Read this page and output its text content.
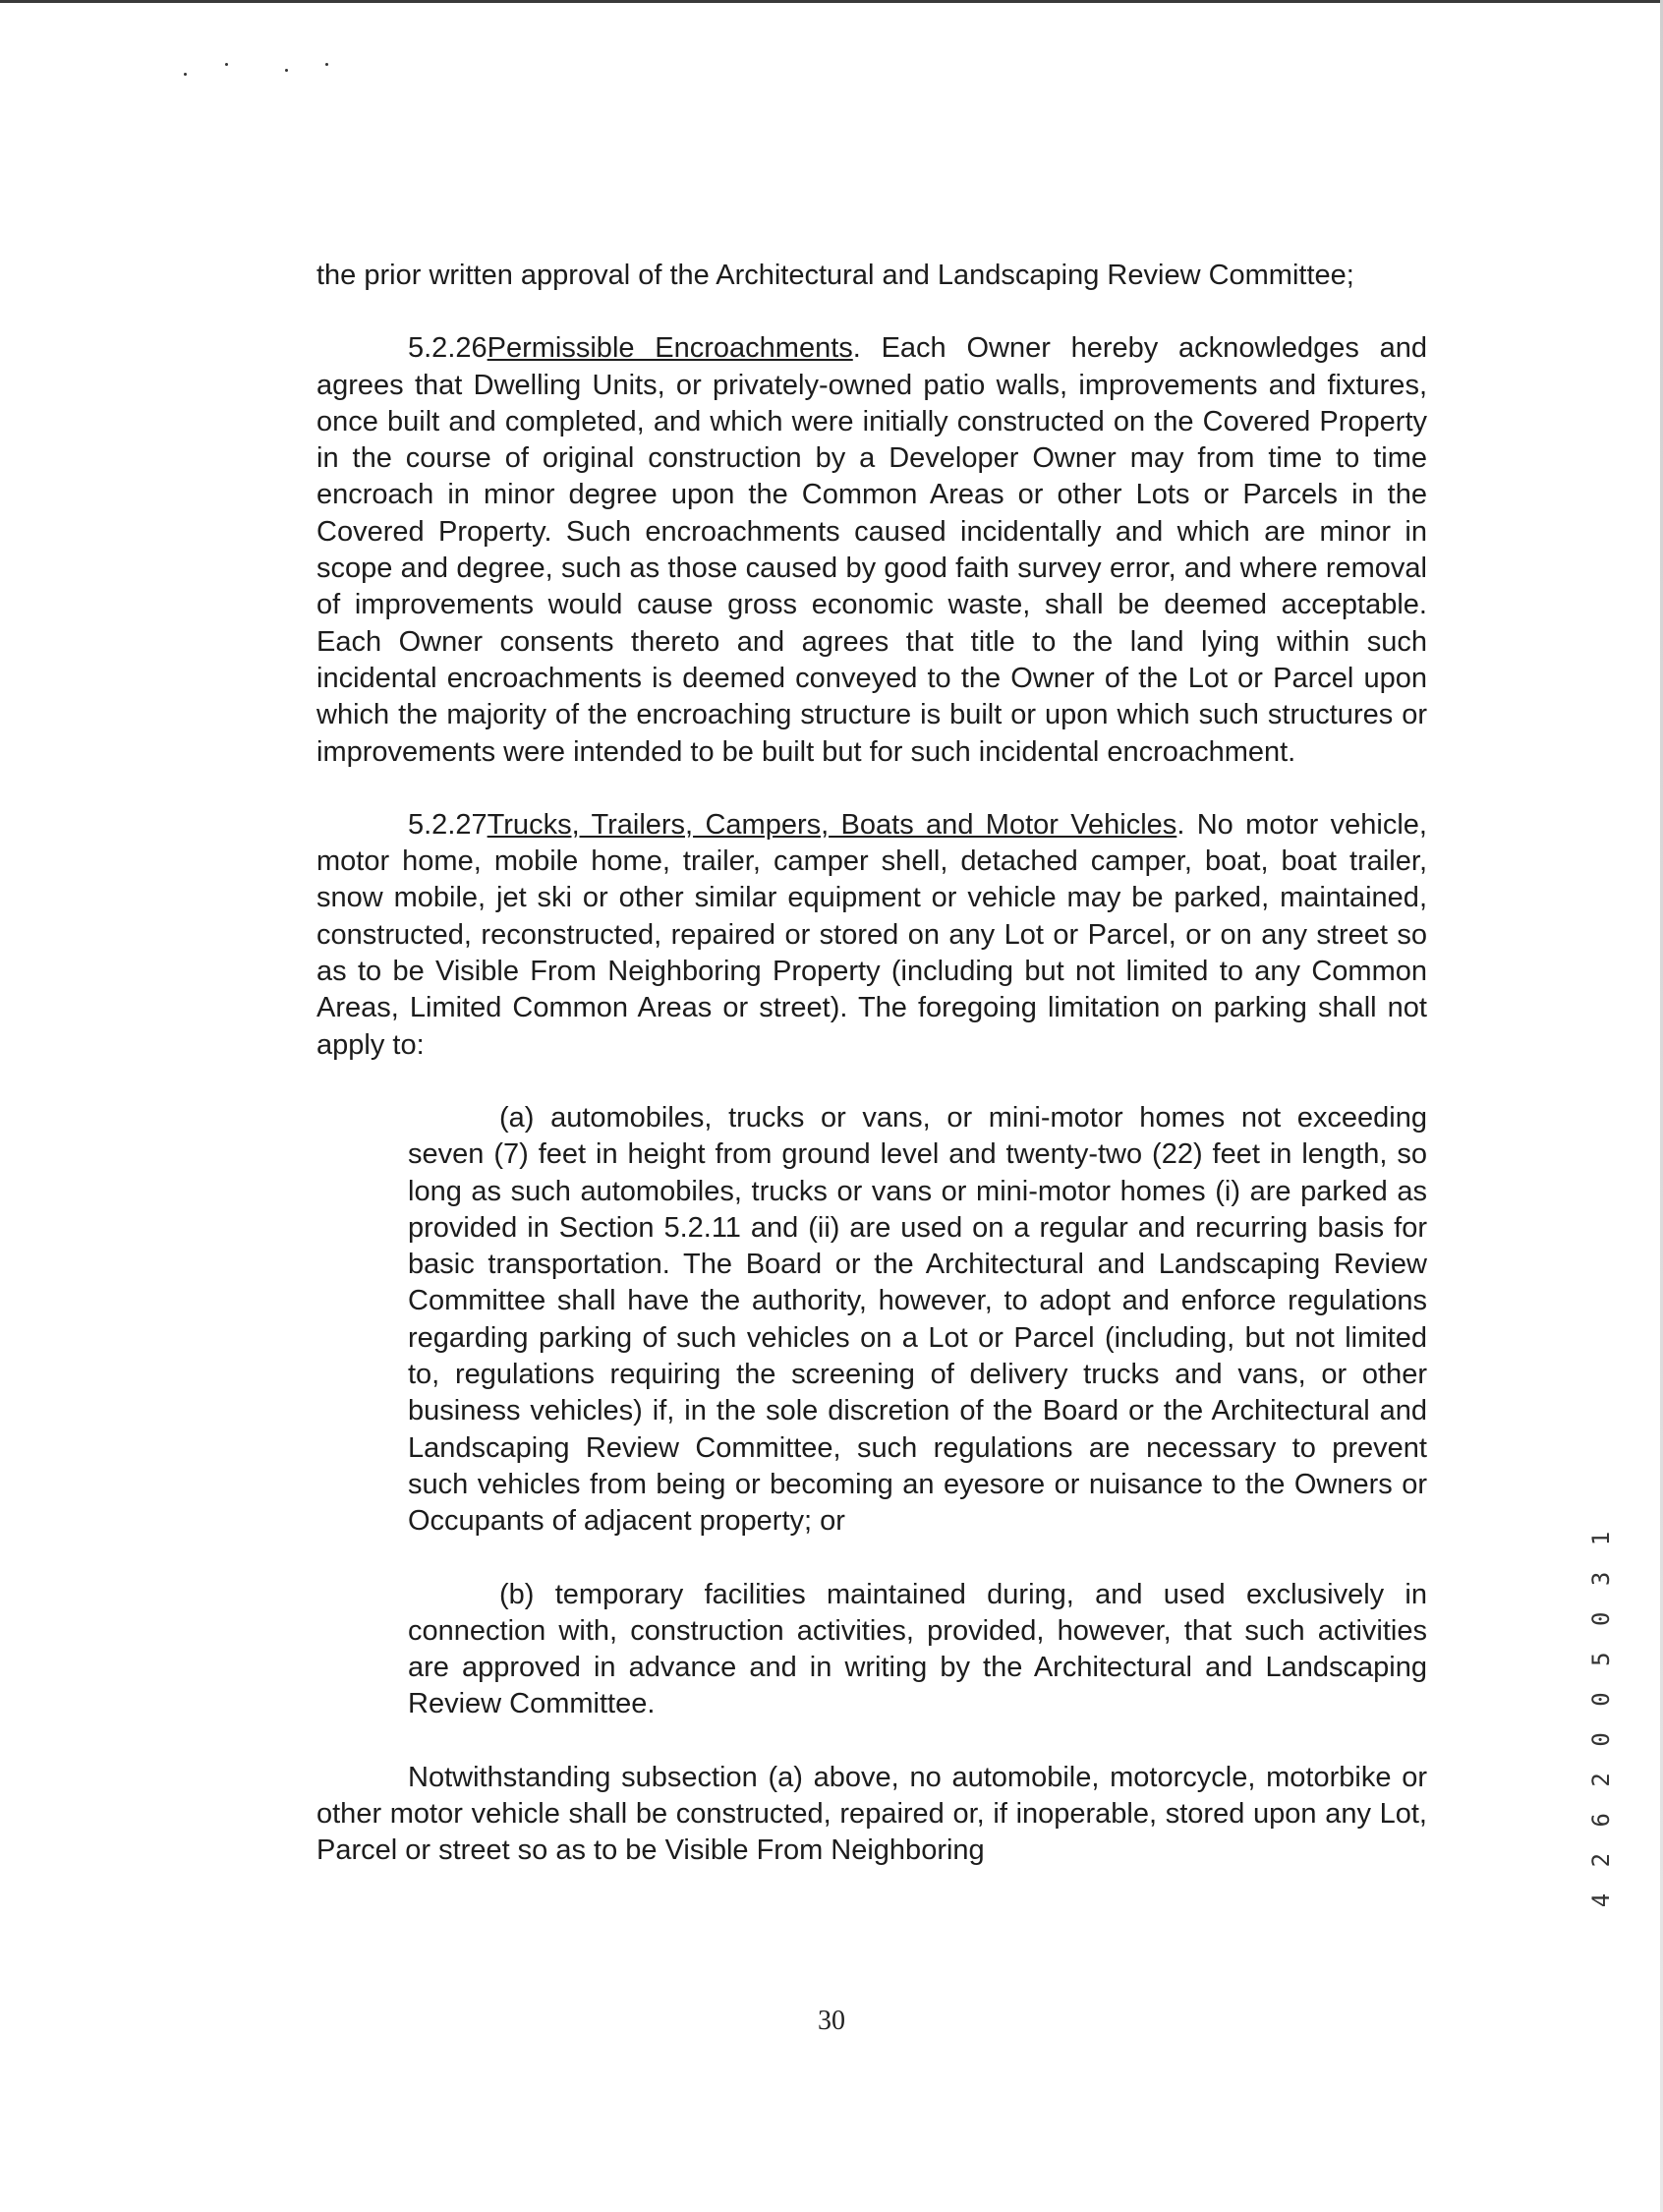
the prior written approval of the Architectural and Landscaping Review Committee;

5.2.26Permissible Encroachments. Each Owner hereby acknowledges and agrees that Dwelling Units, or privately-owned patio walls, improvements and fixtures, once built and completed, and which were initially constructed on the Covered Property in the course of original construction by a Developer Owner may from time to time encroach in minor degree upon the Common Areas or other Lots or Parcels in the Covered Property. Such encroachments caused incidentally and which are minor in scope and degree, such as those caused by good faith survey error, and where removal of improvements would cause gross economic waste, shall be deemed acceptable. Each Owner consents thereto and agrees that title to the land lying within such incidental encroachments is deemed conveyed to the Owner of the Lot or Parcel upon which the majority of the encroaching structure is built or upon which such structures or improvements were intended to be built but for such incidental encroachment.

5.2.27Trucks, Trailers, Campers, Boats and Motor Vehicles. No motor vehicle, motor home, mobile home, trailer, camper shell, detached camper, boat, boat trailer, snow mobile, jet ski or other similar equipment or vehicle may be parked, maintained, constructed, reconstructed, repaired or stored on any Lot or Parcel, or on any street so as to be Visible From Neighboring Property (including but not limited to any Common Areas, Limited Common Areas or street). The foregoing limitation on parking shall not apply to:

(a) automobiles, trucks or vans, or mini-motor homes not exceeding seven (7) feet in height from ground level and twenty-two (22) feet in length, so long as such automobiles, trucks or vans or mini-motor homes (i) are parked as provided in Section 5.2.11 and (ii) are used on a regular and recurring basis for basic transportation. The Board or the Architectural and Landscaping Review Committee shall have the authority, however, to adopt and enforce regulations regarding parking of such vehicles on a Lot or Parcel (including, but not limited to, regulations requiring the screening of delivery trucks and vans, or other business vehicles) if, in the sole discretion of the Board or the Architectural and Landscaping Review Committee, such regulations are necessary to prevent such vehicles from being or becoming an eyesore or nuisance to the Owners or Occupants of adjacent property; or

(b) temporary facilities maintained during, and used exclusively in connection with, construction activities, provided, however, that such activities are approved in advance and in writing by the Architectural and Landscaping Review Committee.

Notwithstanding subsection (a) above, no automobile, motorcycle, motorbike or other motor vehicle shall be constructed, repaired or, if inoperable, stored upon any Lot, Parcel or street so as to be Visible From Neighboring

30
4 2 6 2 0 0 5 0 3 1
